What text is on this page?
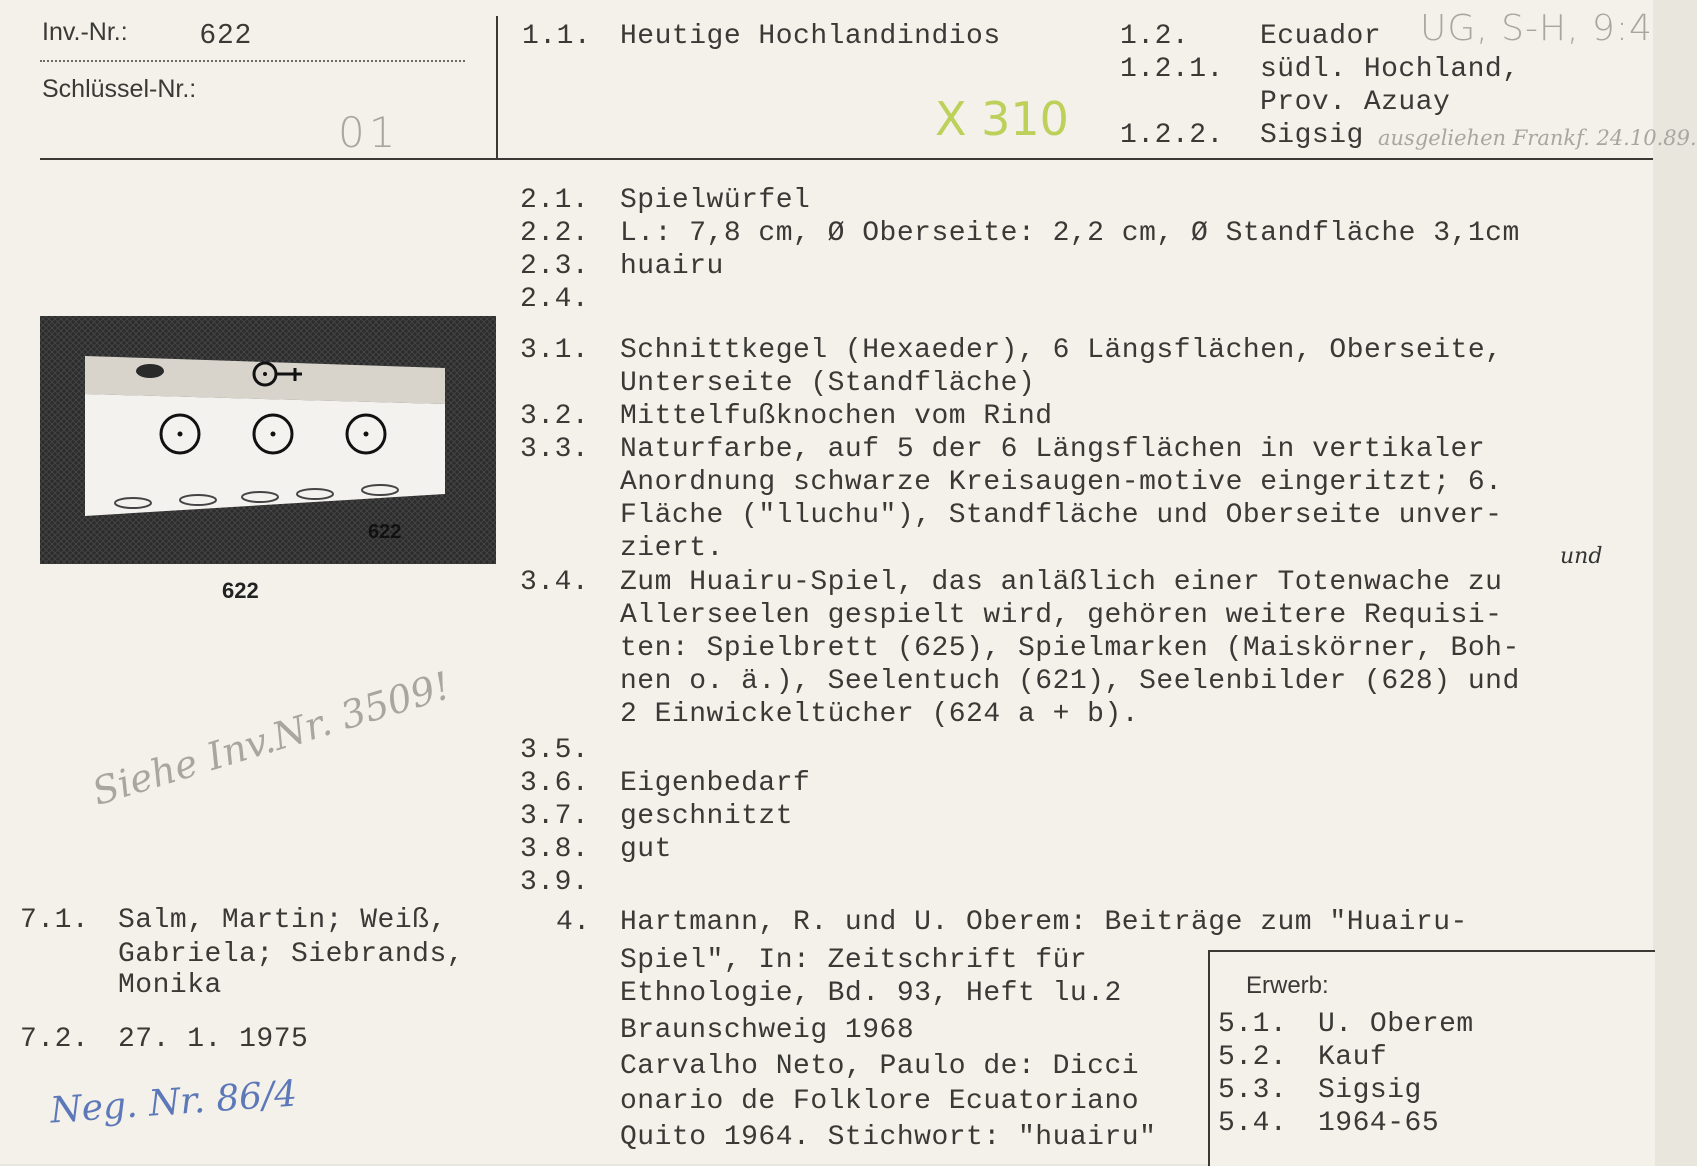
Inv.-Nr.:	622
Schlüssel-Nr.:
01
1.1. Heutige Hochlandindios	1.2.	Ecuador
1.2.1. südl. Hochland,
Prov. Azuay
1.2.2. Sigsig
UG, S-H, 9:4
X 310	ausgeliehen Frankf. 24.10.89.
622
622
2.1. Spielwürfel
2.2. L.: 7,8 cm, Ø Oberseite: 2,2 cm, Ø Standfläche 3,1cm
2.3. huairu
2.4.
3.1. Schnittkegel (Hexaeder), 6 Längsflächen, Oberseite,
Unterseite (Standfläche)
3.2. Mittelfußknochen vom Rind
3.3. Naturfarbe, auf 5 der 6 Längsflächen in vertikaler
Anordnung schwarze Kreisaugen-motive eingeritzt; 6.
Fläche ("lluchu"), Standfläche und Oberseite unver-
ziert.
3.4. Zum Huairu-Spiel, das anläßlich einer Totenwache zu
Allerseelen gespielt wird, gehören weitere Requisi-
ten: Spielbrett (625), Spielmarken (Maiskörner, Boh-
nen o. ä.), Seelentuch (621), Seelenbilder (628) und
2 Einwickeltücher (624 a + b).
und
3.5.
3.6. Eigenbedarf
3.7. geschnitzt
3.8. gut
3.9.
4. Hartmann, R. und U. Oberem: Beiträge zum "Huairu-
Spiel", In: Zeitschrift für
Ethnologie, Bd. 93, Heft lu.2
Braunschweig 1968
Carvalho Neto, Paulo de: Dicci
onario de Folklore Ecuatoriano
Quito 1964. Stichwort: "huairu"
Erwerb:
5.1. U. Oberem
5.2. Kauf
5.3. Sigsig
5.4. 1964-65
7.1. Salm, Martin; Weiß,
Gabriela; Siebrands,
Monika
7.2. 27. 1. 1975
Siehe Inv.Nr. 3509!
Neg. Nr. 86/4
